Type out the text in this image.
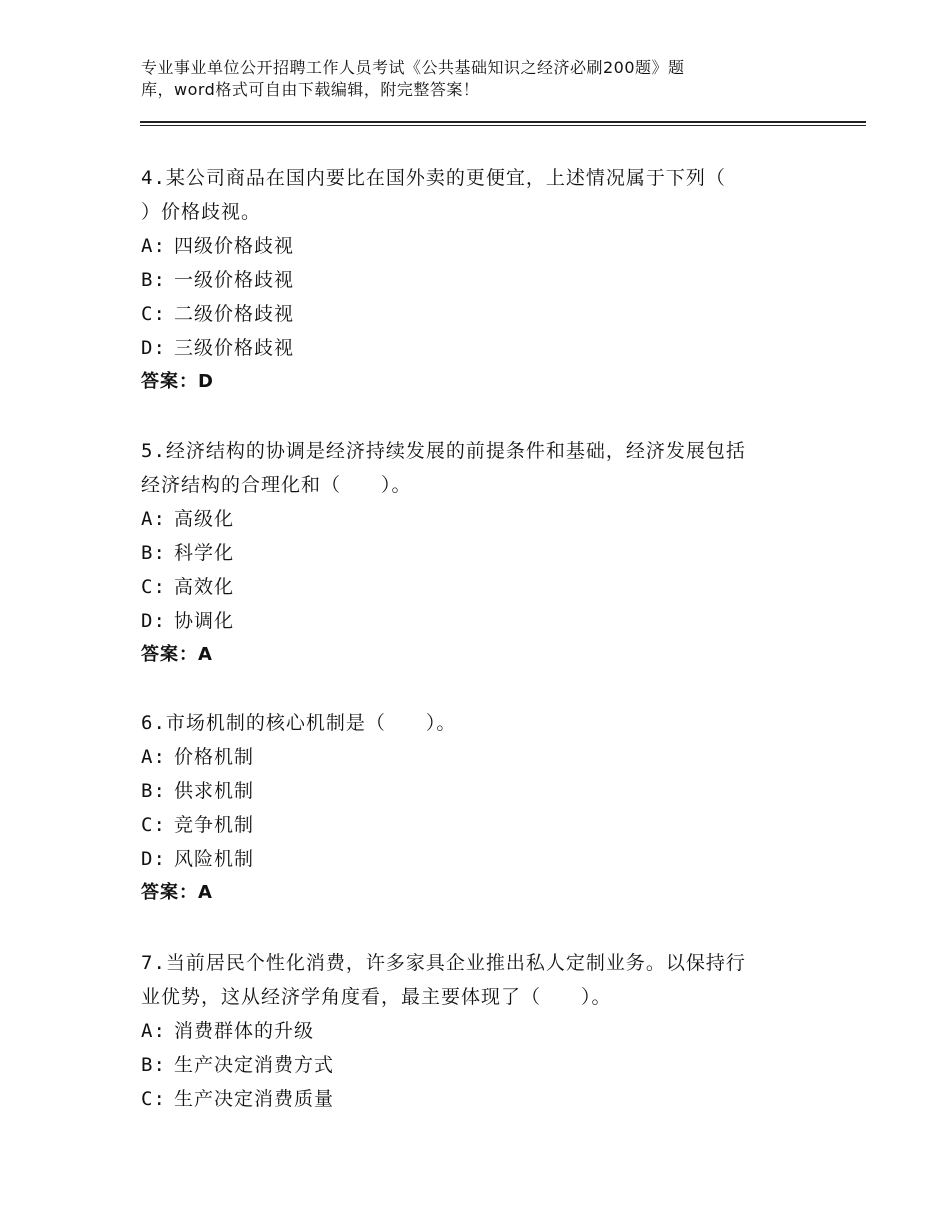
专业事业单位公开招聘工作人员考试《公共基础知识之经济必刷200题》题
库，word格式可自由下载编辑，附完整答案！
4.某公司商品在国内要比在国外卖的更便宜，上述情况属于下列（
）价格歧视。
A: 四级价格歧视
B: 一级价格歧视
C: 二级价格歧视
D: 三级价格歧视
答案：D
5.经济结构的协调是经济持续发展的前提条件和基础，经济发展包括
经济结构的合理化和（　　）。
A: 高级化
B: 科学化
C: 高效化
D: 协调化
答案：A
6.市场机制的核心机制是（　　）。
A: 价格机制
B: 供求机制
C: 竞争机制
D: 风险机制
答案：A
7.当前居民个性化消费，许多家具企业推出私人定制业务。以保持行
业优势，这从经济学角度看，最主要体现了（　　）。
A: 消费群体的升级
B: 生产决定消费方式
C: 生产决定消费质量
